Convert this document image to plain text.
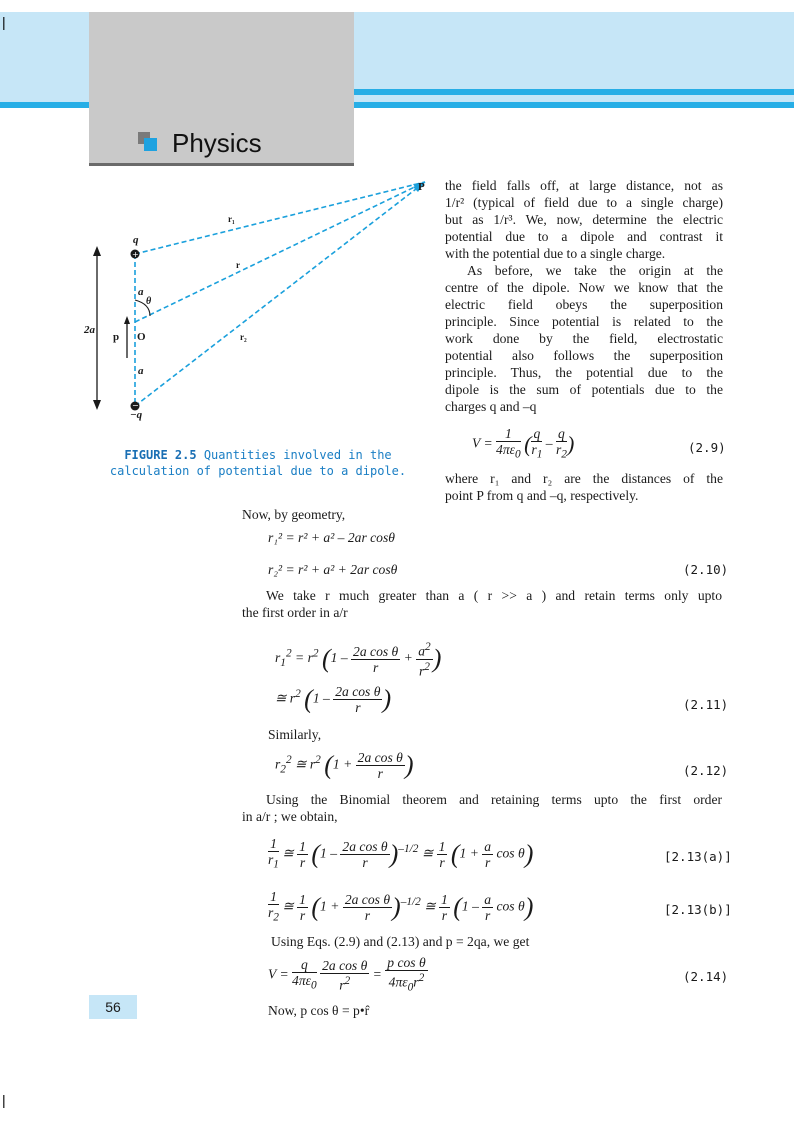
Physics
|
|
+
−
P
q
−q
r₁
r
r₂
a
θ
a
2a
p O
FIGURE 2.5 Quantities involved in the calculation of potential due to a dipole.
the field falls off, at large distance, not as
1/r² (typical of field due to a single charge)
but as 1/r³. We, now, determine the electric
potential due to a dipole and contrast it
with the potential due to a single charge.
As before, we take the origin at the
centre of the dipole. Now we know that the
electric field obeys the superposition
principle. Since potential is related to the
work done by the field, electrostatic
potential also follows the superposition
principle. Thus, the potential due to the
dipole is the sum of potentials due to the
charges q and –q
$V = \frac{1}{4\pi\varepsilon_0}$ ( $\frac{q}{r_1} - \frac{q}{r_2}$ )	(2.9)
where r₁ and r₂ are the distances of the
point P from q and –q, respectively.
Now, by geometry,
r₁² = r² + a² – 2ar cosθ
r₂² = r² + a² + 2ar cosθ	(2.10)
We take r much greater than a ( r >> a ) and retain terms only upto
the first order in a/r
$r_1^2 = r^2$ ($1 - \frac{\text{2a cos θ}}{r} + \frac{a^2}{r^2}$ )
≅ $r^2$ ($1 - \frac{\text{2a cos θ}}{r}$ )	(2.11)
Similarly,
$r_2^2$ ≅ $r^2$ ($1 + \frac{\text{2a cos θ}}{r}$ )	(2.12)
Using the Binomial theorem and retaining terms upto the first order
in a/r ; we obtain,
$\frac{1}{r_1}$ ≅ $\frac{1}{r} (1 - \frac{\text{2a cos θ}}{r} )^{-1/2}$ ≅ $\frac{1}{r} (1 + \frac{a}{r}$ cos θ)	[2.13(a)]
$\frac{1}{r_2}$ ≅ $\frac{1}{r} (1 + \frac{\text{2a cos θ}}{r} )^{-1/2}$ ≅ $\frac{1}{r} (1 - \frac{a}{r}$ cos θ)	[2.13(b)]
Using Eqs. (2.9) and (2.13) and p = 2qa, we get
$V = \frac{q}{4\pi\varepsilon_0}$
$\frac{\text{2a cos θ}}{r^2} = \frac{\text{p cos θ}}{4\pi\varepsilon_0r^2}$	(2.14)
56	Now, p cos θ = p•r̂
